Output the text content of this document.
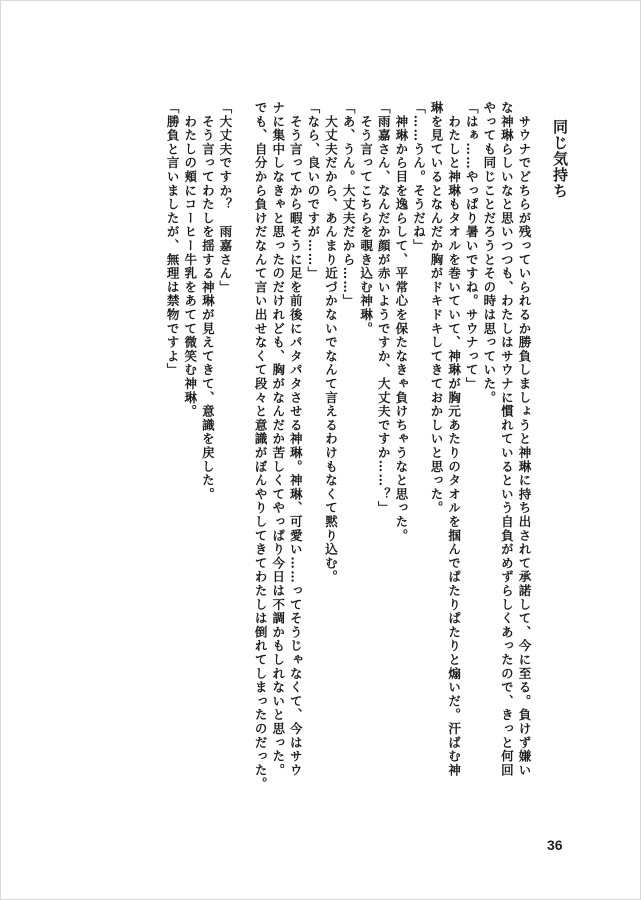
同じ気持ち

　サウナでどちらが残っていられるか勝負しましょうと神琳に持ち出されて承諾して、今に至る。負けず嫌い

な神琳らしいなと思いつつも、わたしはサウナに慣れているという自負がめずらしくあったので、きっと何回

やっても同じことだろうとその時は思っていた。

「はぁ……やっぱり暑いですね。サウナって」

　わたしと神琳もタオルを巻いていて、神琳が胸元あたりのタオルを掴んでぱたりぱたりと煽いだ。汗ばむ神

琳を見ているとなんだか胸がドキドキしてきておかしいと思った。

「……うん。そうだね」

　神琳から目を逸らして、平常心を保たなきゃ負けちゃうなと思った。

「雨嘉さん、なんだか顔が赤いようですか、大丈夫ですか……？」

　そう言ってこちらを覗き込む神琳。

「あ、うん。大丈夫だから……」

　大丈夫だから、あんまり近づかないでなんて言えるわけもなくて黙り込む。

「なら、良いのですが……」

　そう言ってから暇そうに足を前後にパタパタさせる神琳。神琳、可愛い……ってそうじゃなくて、今はサウ

ナに集中しなきゃと思ったのだけれども、胸がなんだか苦しくてやっぱり今日は不調かもしれないと思った。

でも、自分から負けだなんて言い出せなくて段々と意識がぼんやりしてきてわたしは倒れてしまったのだった。

「大丈夫ですか？　雨嘉さん」

　そう言ってわたしを揺する神琳が見えてきて、意識を戻した。

　わたしの頬にコーヒー牛乳をあてて微笑む神琳。

「勝負と言いましたが、無理は禁物ですよ」

36
